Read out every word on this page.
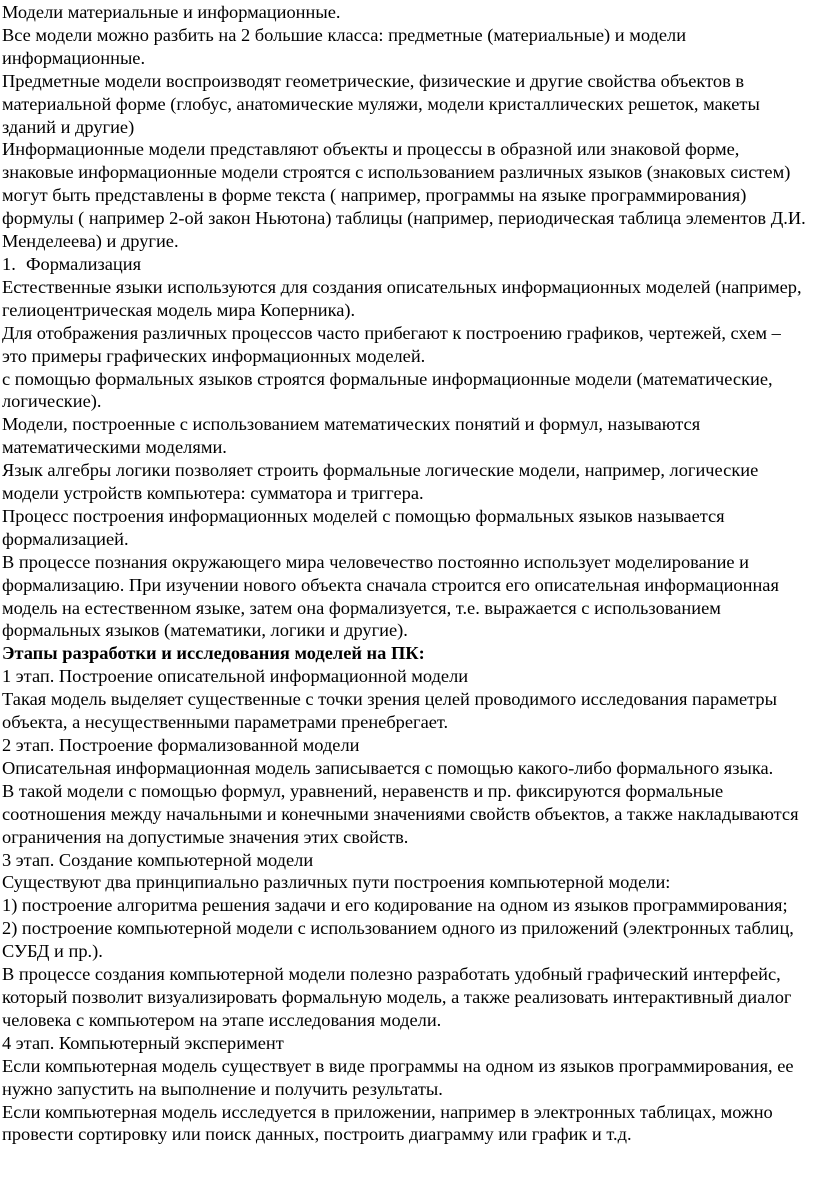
Модели материальные и информационные.

Все модели можно разбить на 2 большие класса: предметные (материальные) и модели информационные.

Предметные модели воспроизводят геометрические, физические и другие свойства объектов в материальной форме (глобус, анатомические муляжи, модели кристаллических решеток, макеты зданий и другие)

Информационные модели представляют объекты и процессы в образной или знаковой форме, знаковые информационные модели строятся с использованием различных языков (знаковых систем) могут быть представлены в форме текста ( например, программы на языке программирования) формулы ( например 2-ой закон Ньютона) таблицы (например, периодическая таблица элементов Д.И. Менделеева) и другие.

1. Формализация

Естественные языки используются для создания описательных информационных моделей (например, гелиоцентрическая модель мира Коперника).

Для отображения различных процессов часто прибегают к построению графиков, чертежей, схем – это примеры графических информационных моделей.

с помощью формальных языков строятся формальные информационные модели (математические, логические).

Модели, построенные с использованием математических понятий и формул, называются математическими моделями.

Язык алгебры логики позволяет строить формальные логические модели, например, логические модели устройств компьютера: сумматора и триггера.

Процесс построения информационных моделей с помощью формальных языков называется формализацией.

В процессе познания окружающего мира человечество постоянно использует моделирование и формализацию. При изучении нового объекта сначала строится его описательная информационная модель на естественном языке, затем она формализуется, т.е. выражается с использованием формальных языков (математики, логики и другие).

Этапы разработки и исследования моделей на ПК:

1 этап. Построение описательной информационной модели

Такая модель выделяет существенные с точки зрения целей проводимого исследования параметры объекта, а несущественными параметрами пренебрегает.

2 этап. Построение формализованной модели

Описательная информационная модель записывается с помощью какого-либо формального языка.

В такой модели с помощью формул, уравнений, неравенств и пр. фиксируются формальные соотношения между начальными и конечными значениями свойств объектов, а также накладываются ограничения на допустимые значения этих свойств.

3 этап. Создание компьютерной модели

Существуют два принципиально различных пути построения компьютерной модели:

1) построение алгоритма решения задачи и его кодирование на одном из языков программирования;

2) построение компьютерной модели с использованием одного из приложений (электронных таблиц, СУБД и пр.).

В процессе создания компьютерной модели полезно разработать удобный графический интерфейс, который позволит визуализировать формальную модель, а также реализовать интерактивный диалог человека с компьютером на этапе исследования модели.

4 этап. Компьютерный эксперимент

Если компьютерная модель существует в виде программы на одном из языков программирования, ее нужно запустить на выполнение и получить результаты.

Если компьютерная модель исследуется в приложении, например в электронных таблицах, можно провести сортировку или поиск данных, построить диаграмму или график и т.д.
